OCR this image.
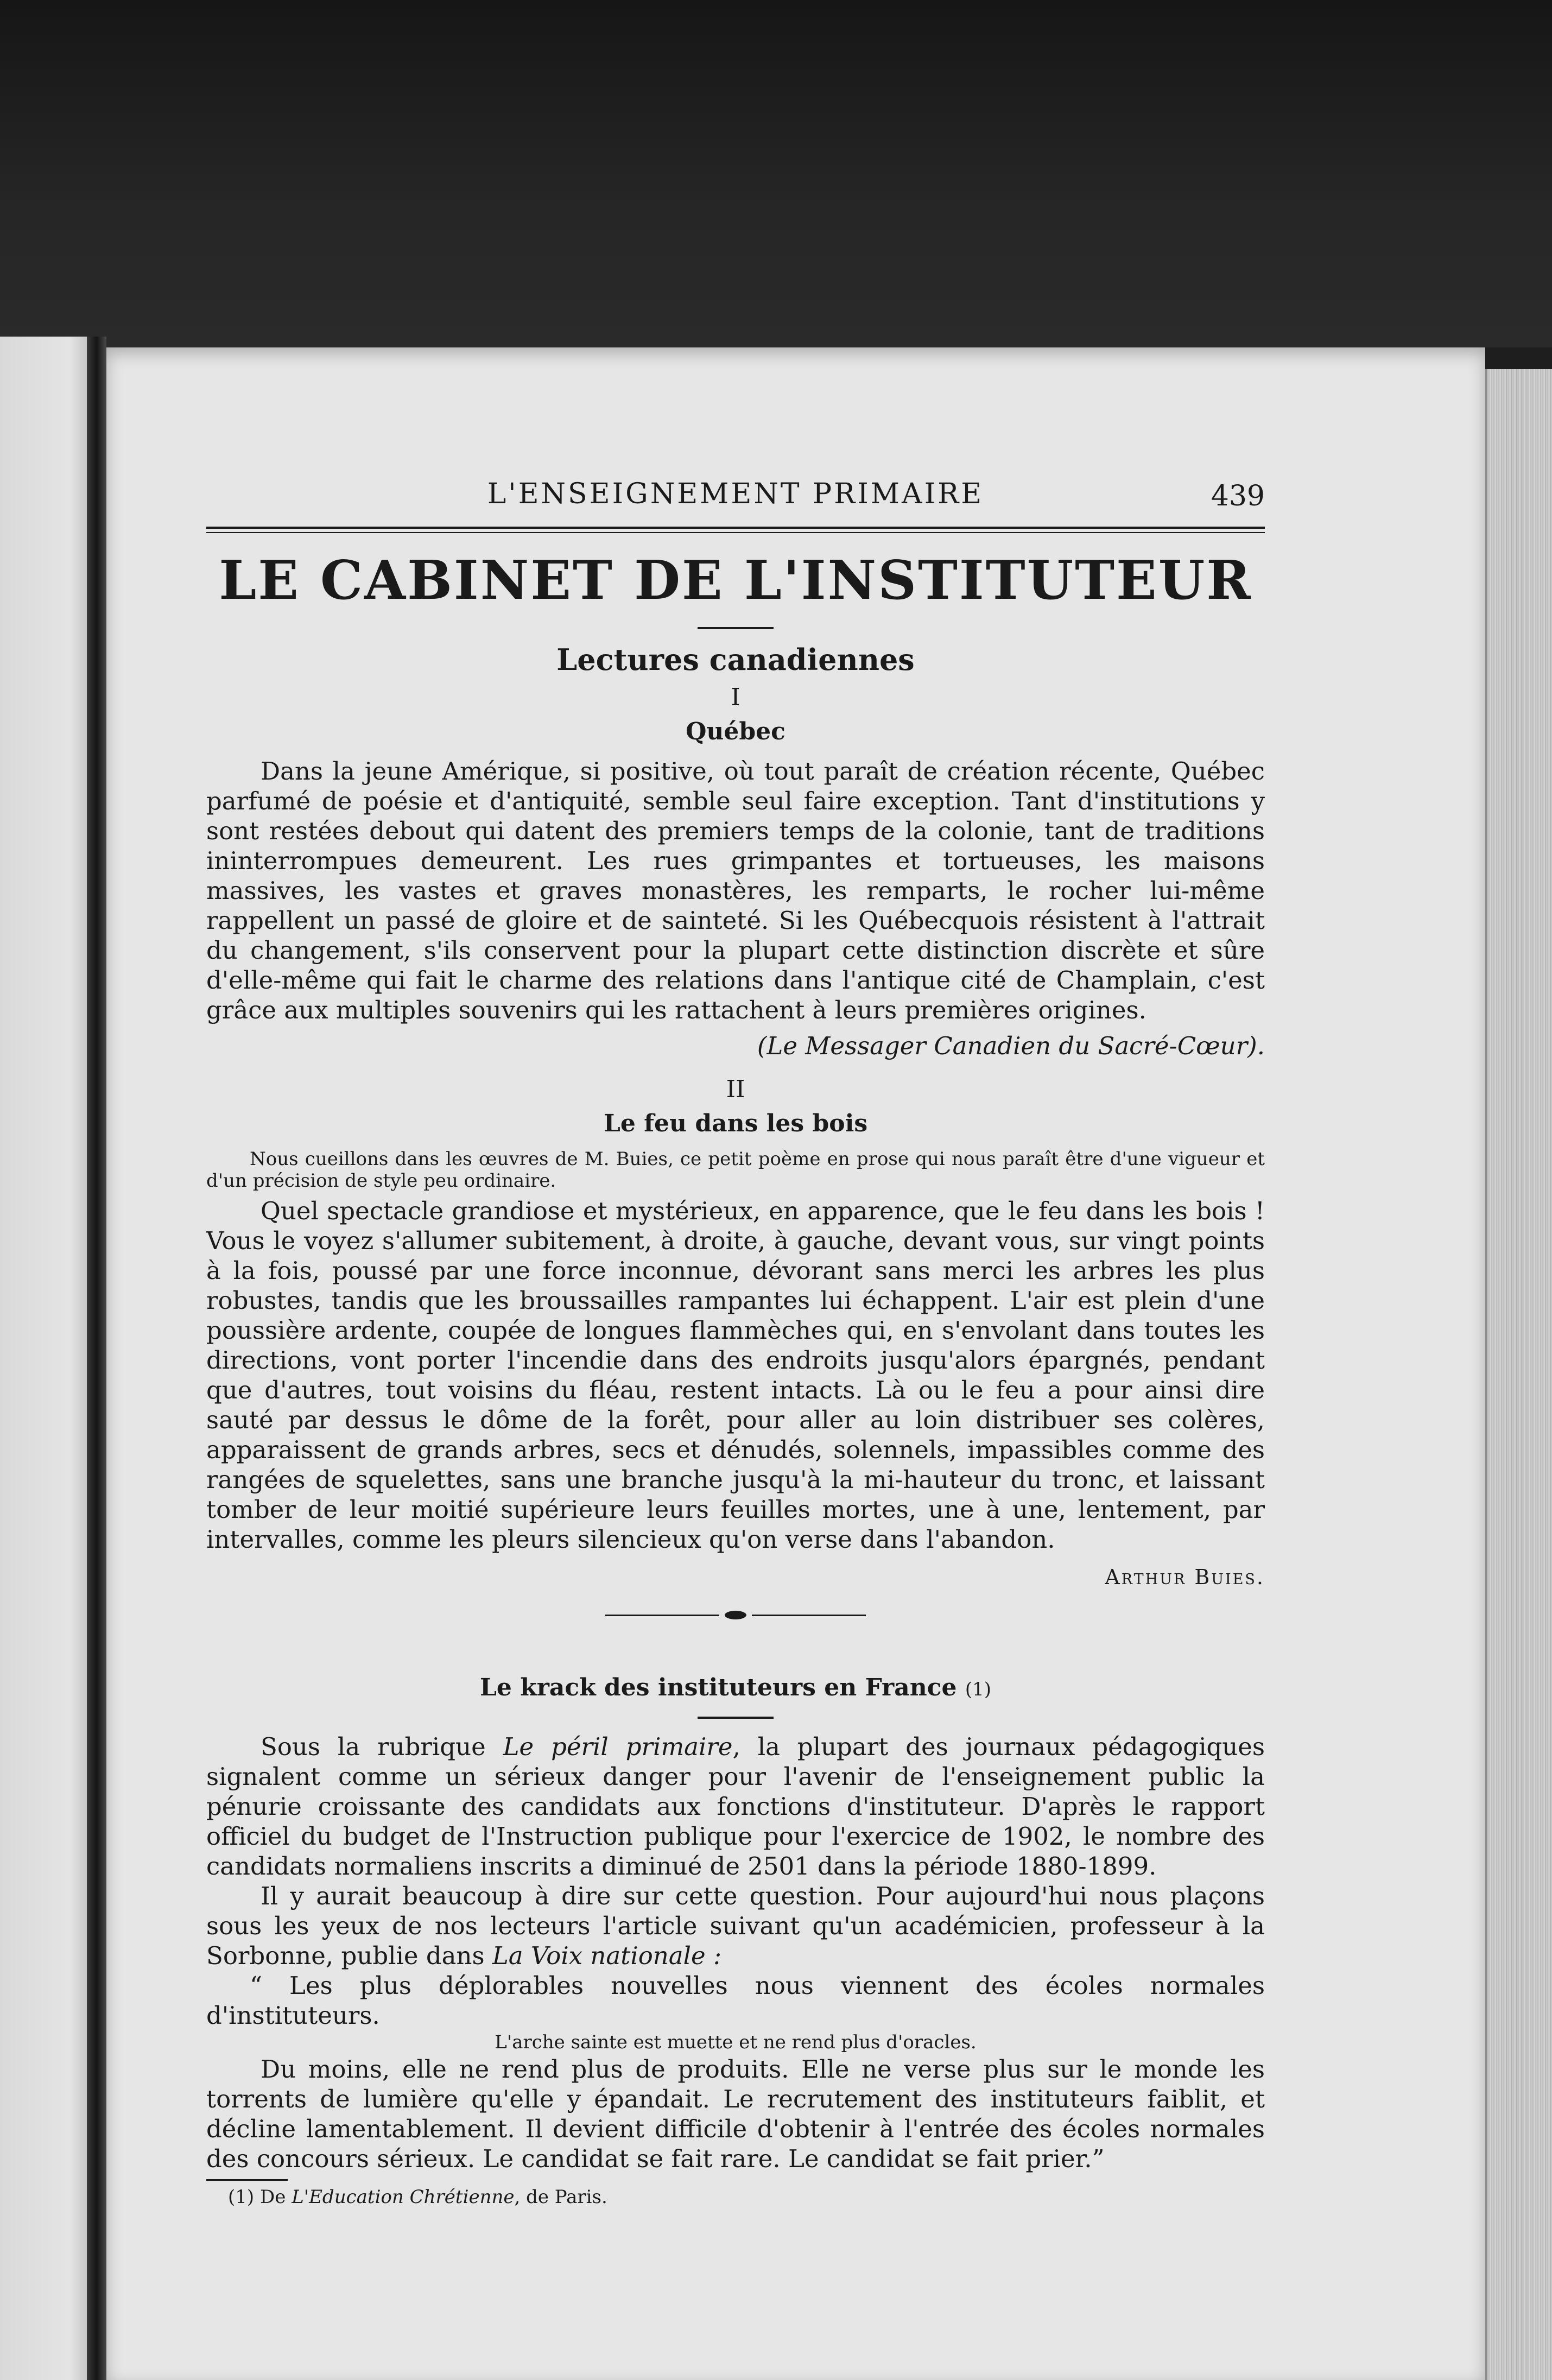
L'ENSEIGNEMENT PRIMAIRE	439
LE CABINET DE L'INSTITUTEUR
Lectures canadiennes
I
Québec

Dans la jeune Amérique, si positive, où tout paraît de création récente, Québec parfumé de poésie et d'antiquité, semble seul faire exception. Tant d'institutions y sont restées debout qui datent des premiers temps de la colonie, tant de traditions ininterrompues demeurent. Les rues grimpantes et tortueuses, les maisons massives, les vastes et graves monastères, les remparts, le rocher lui-même rappellent un passé de gloire et de sainteté. Si les Québecquois résistent à l'attrait du changement, s'ils conservent pour la plupart cette distinction discrète et sûre d'elle-même qui fait le charme des relations dans l'antique cité de Champlain, c'est grâce aux multiples souvenirs qui les rattachent à leurs premières origines.

(Le Messager Canadien du Sacré-Cœur).
II
Le feu dans les bois

Nous cueillons dans les œuvres de M. Buies, ce petit poème en prose qui nous paraît être d'une vigueur et d'un précision de style peu ordinaire.

Quel spectacle grandiose et mystérieux, en apparence, que le feu dans les bois ! Vous le voyez s'allumer subitement, à droite, à gauche, devant vous, sur vingt points à la fois, poussé par une force inconnue, dévorant sans merci les arbres les plus robustes, tandis que les broussailles rampantes lui échappent. L'air est plein d'une poussière ardente, coupée de longues flammèches qui, en s'envolant dans toutes les directions, vont porter l'incendie dans des endroits jusqu'alors épargnés, pendant que d'autres, tout voisins du fléau, restent intacts. Là ou le feu a pour ainsi dire sauté par dessus le dôme de la forêt, pour aller au loin distribuer ses colères, apparaissent de grands arbres, secs et dénudés, solennels, impassibles comme des rangées de squelettes, sans une branche jusqu'à la mi-hauteur du tronc, et laissant tomber de leur moitié supérieure leurs feuilles mortes, une à une, lentement, par intervalles, comme les pleurs silencieux qu'on verse dans l'abandon.

Arthur Buies.
Le krack des instituteurs en France (1)

Sous la rubrique Le péril primaire, la plupart des journaux pédagogiques signalent comme un sérieux danger pour l'avenir de l'enseignement public la pénurie croissante des candidats aux fonctions d'instituteur. D'après le rapport officiel du budget de l'Instruction publique pour l'exercice de 1902, le nombre des candidats normaliens inscrits a diminué de 2501 dans la période 1880-1899.

Il y aurait beaucoup à dire sur cette question. Pour aujourd'hui nous plaçons sous les yeux de nos lecteurs l'article suivant qu'un académicien, professeur à la Sorbonne, publie dans La Voix nationale :

“ Les plus déplorables nouvelles nous viennent des écoles normales d'instituteurs.

L'arche sainte est muette et ne rend plus d'oracles.

Du moins, elle ne rend plus de produits. Elle ne verse plus sur le monde les torrents de lumière qu'elle y épandait. Le recrutement des instituteurs faiblit, et décline lamentablement. Il devient difficile d'obtenir à l'entrée des écoles normales des concours sérieux. Le candidat se fait rare. Le candidat se fait prier.”

(1) De L'Education Chrétienne, de Paris.
